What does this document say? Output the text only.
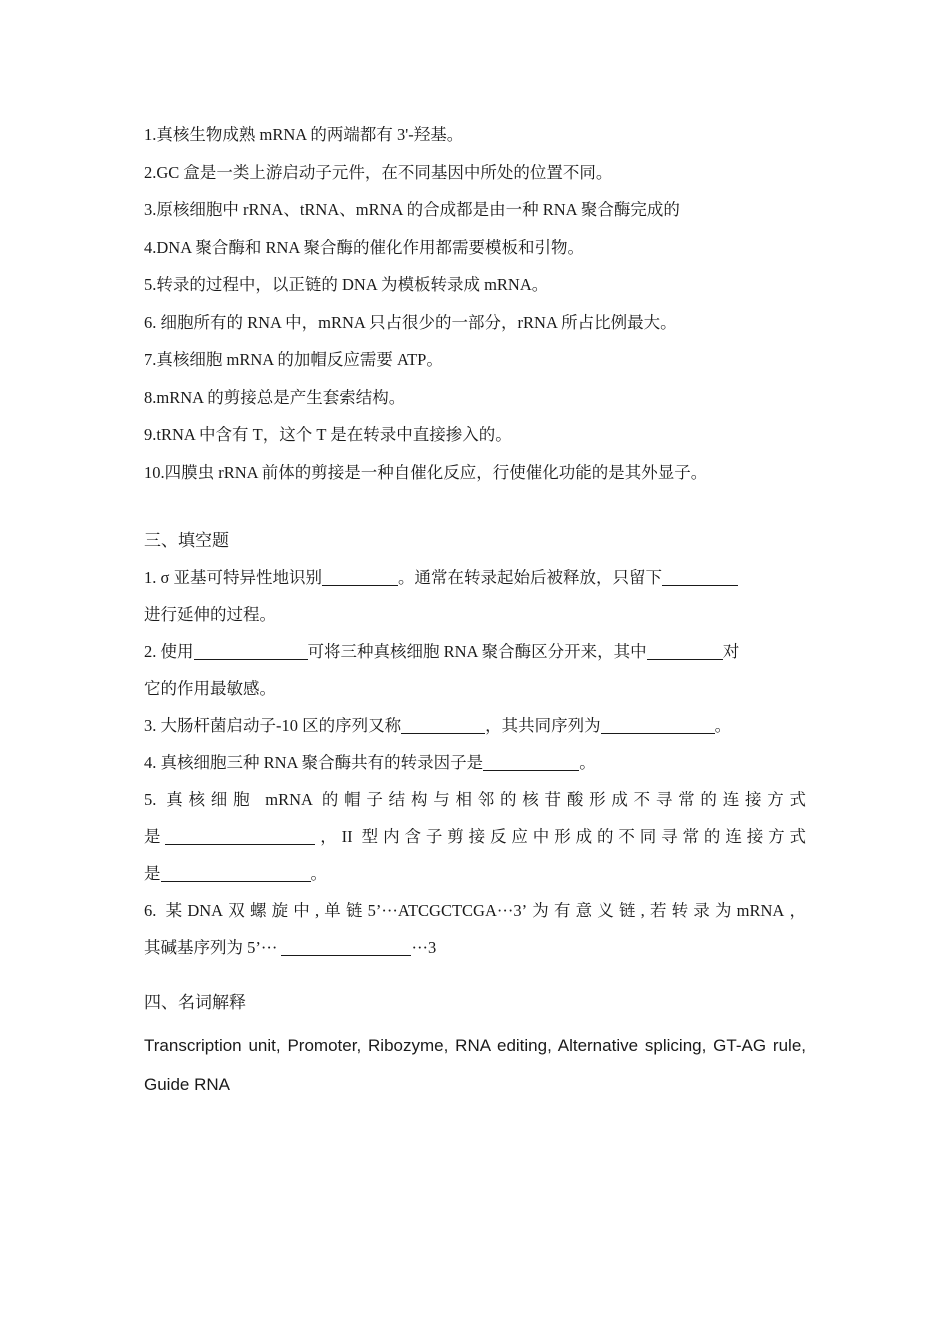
1.真核生物成熟 mRNA 的两端都有 3'-羟基。

2.GC 盒是一类上游启动子元件，在不同基因中所处的位置不同。

3.原核细胞中 rRNA、tRNA、mRNA 的合成都是由一种 RNA 聚合酶完成的

4.DNA 聚合酶和 RNA 聚合酶的催化作用都需要模板和引物。

5.转录的过程中，以正链的 DNA 为模板转录成 mRNA。

6. 细胞所有的 RNA 中，mRNA 只占很少的一部分，rRNA 所占比例最大。

7.真核细胞 mRNA 的加帽反应需要 ATP。

8.mRNA 的剪接总是产生套索结构。

9.tRNA 中含有 T，这个 T 是在转录中直接掺入的。

10.四膜虫 rRNA 前体的剪接是一种自催化反应，行使催化功能的是其外显子。

三、填空题

1. σ 亚基可特异性地识别	。通常在转录起始后被释放，只留下
进行延伸的过程。

2. 使用	可将三种真核细胞 RNA 聚合酶区分开来，其中	对
它的作用最敏感。

3. 大肠杆菌启动子-10 区的序列又称	，其共同序列为	。

4. 真核细胞三种 RNA 聚合酶共有的转录因子是	。

5. 真核细胞 mRNA 的帽子结构与相邻的核苷酸形成不寻常的连接方式

是	，II 型内含子剪接反应中形成的不同寻常的连接方式

是	。

6. 某DNA双螺旋中,单链5’···ATCGCTCGA···3’为有意义链,若转录为mRNA，

其碱基序列为 5’···	···3

四、名词解释

Transcription unit, Promoter, Ribozyme, RNA editing, Alternative splicing, GT-AG rule, Guide RNA
